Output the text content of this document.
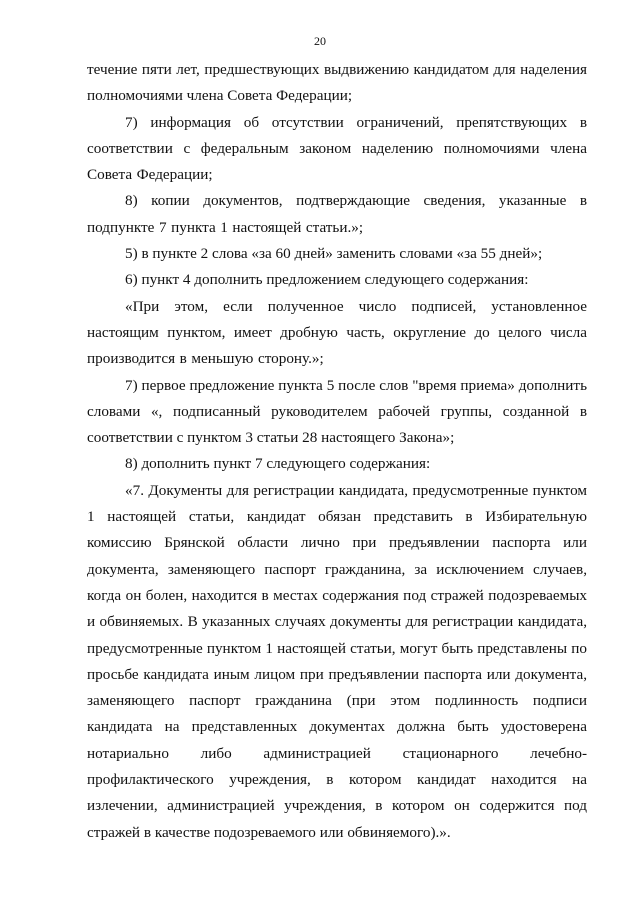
20

течение пяти лет, предшествующих выдвижению кандидатом для наделения полномочиями члена Совета Федерации;

7) информация об отсутствии ограничений, препятствующих в соответствии с федеральным законом наделению полномочиями члена Совета Федерации;

8) копии документов, подтверждающие сведения, указанные в подпункте 7 пункта 1 настоящей статьи.»;

5) в пункте 2 слова «за 60 дней» заменить словами «за 55 дней»;

6) пункт 4 дополнить предложением следующего содержания:

«При этом, если полученное число подписей, установленное настоящим пунктом, имеет дробную часть, округление до целого числа производится в меньшую сторону.»;

7) первое предложение пункта 5 после слов "время приема» дополнить словами «, подписанный руководителем рабочей группы, созданной в соответствии с пунктом 3 статьи 28 настоящего Закона»;

8) дополнить пункт 7 следующего содержания:

«7. Документы для регистрации кандидата, предусмотренные пунктом 1 настоящей статьи, кандидат обязан представить в Избирательную комиссию Брянской области лично при предъявлении паспорта или документа, заменяющего паспорт гражданина, за исключением случаев, когда он болен, находится в местах содержания под стражей подозреваемых и обвиняемых. В указанных случаях документы для регистрации кандидата, предусмотренные пунктом 1 настоящей статьи, могут быть представлены по просьбе кандидата иным лицом при предъявлении паспорта или документа, заменяющего паспорт гражданина (при этом подлинность подписи кандидата на представленных документах должна быть удостоверена нотариально либо администрацией стационарного лечебно-профилактического учреждения, в котором кандидат находится на излечении, администрацией учреждения, в котором он содержится под стражей в качестве подозреваемого или обвиняемого).».
